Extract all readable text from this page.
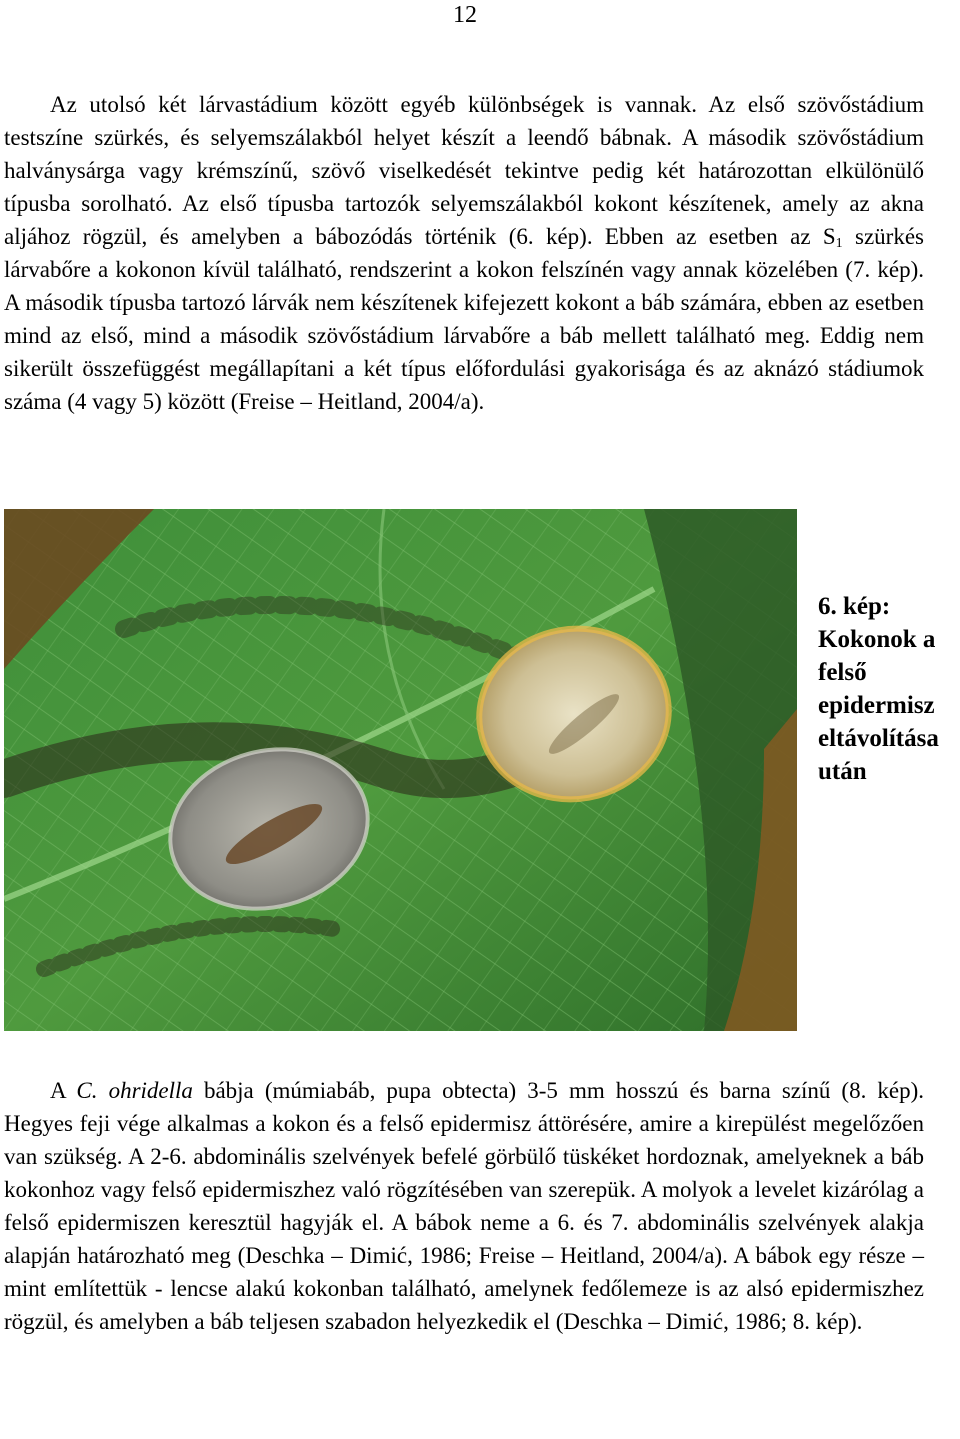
12

Az utolsó két lárvastádium között egyéb különbségek is vannak. Az első szövőstádium testszíne szürkés, és selyemszálakból helyet készít a leendő bábnak. A második szövőstádium halványsárga vagy krémszínű, szövő viselkedését tekintve pedig két határozottan elkülönülő típusba sorolható. Az első típusba tartozók selyemszálakból kokont készítenek, amely az akna aljához rögzül, és amelyben a bábozódás történik (6. kép). Ebben az esetben az $S_1$ szürkés lárvabőre a kokonon kívül található, rendszerint a kokon felszínén vagy annak közelében (7. kép). A második típusba tartozó lárvák nem készítenek kifejezett kokont a báb számára, ebben az esetben mind az első, mind a második szövőstádium lárvabőre a báb mellett található meg. Eddig nem sikerült összefüggést megállapítani a két típus előfordulási gyakorisága és az aknázó stádiumok száma (4 vagy 5) között (Freise – Heitland, 2004/a).

6. kép:
Kokonok a
felső
epidermisz
eltávolítása
után

A C. ohridella bábja (múmiabáb, pupa obtecta) 3-5 mm hosszú és barna színű (8. kép). Hegyes feji vége alkalmas a kokon és a felső epidermisz áttörésére, amire a kirepülést megelőzően van szükség. A 2-6. abdominális szelvények befelé görbülő tüskéket hordoznak, amelyeknek a báb kokonhoz vagy felső epidermiszhez való rögzítésében van szerepük. A molyok a levelet kizárólag a felső epidermiszen keresztül hagyják el. A bábok neme a 6. és 7. abdominális szelvények alakja alapján határozható meg (Deschka – Dimić, 1986; Freise – Heitland, 2004/a). A bábok egy része – mint említettük - lencse alakú kokonban található, amelynek fedőlemeze is az alsó epidermiszhez rögzül, és amelyben a báb teljesen szabadon helyezkedik el (Deschka – Dimić, 1986; 8. kép).
